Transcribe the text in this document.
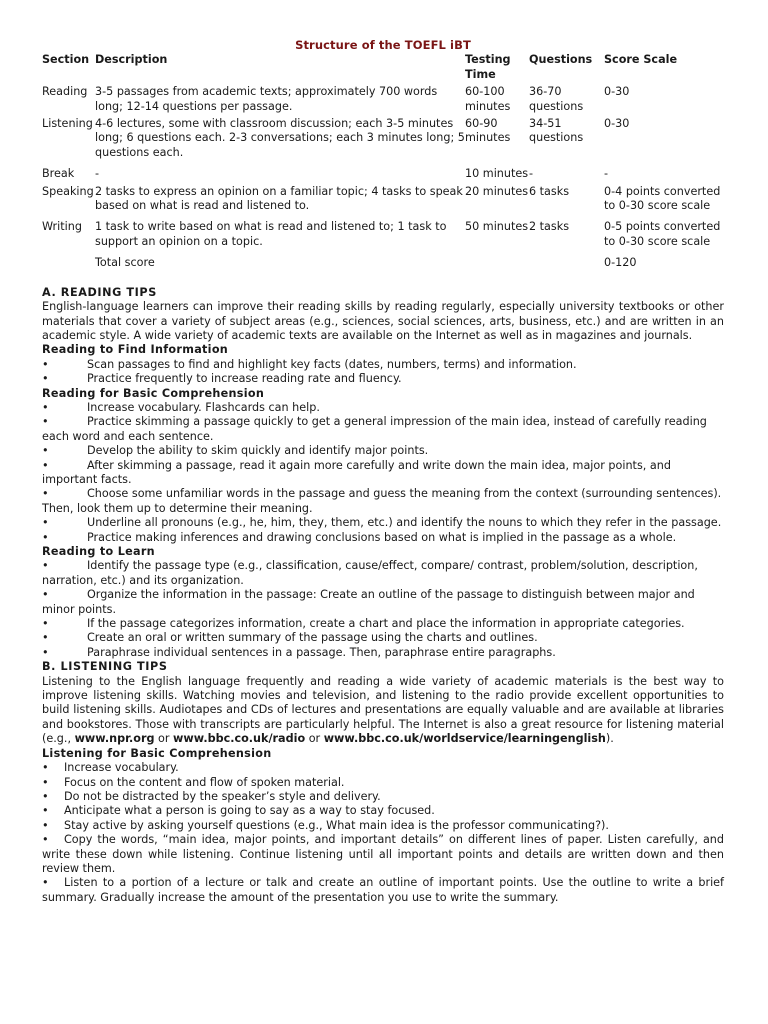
Structure of the TOEFL iBT
Section	Description	Testing Time	Questions	Score Scale
Reading	3-5 passages from academic texts; approximately 700 words long; 12-14 questions per passage.	60-100 minutes	36-70 questions	0-30
Listening	4-6 lectures, some with classroom discussion; each 3-5 minutes long; 6 questions each. 2-3 conversations; each 3 minutes long; 5 questions each.	60-90 minutes	34-51 questions	0-30
Break	-	10 minutes	-	-
Speaking	2 tasks to express an opinion on a familiar topic; 4 tasks to speak based on what is read and listened to.	20 minutes	6 tasks	0-4 points converted to 0-30 score scale
Writing	1 task to write based on what is read and listened to; 1 task to support an opinion on a topic.	50 minutes	2 tasks	0-5 points converted to 0-30 score scale
	Total score			0-120
A. READING TIPS

English-language learners can improve their reading skills by reading regularly, especially university textbooks or other materials that cover a variety of subject areas (e.g., sciences, social sciences, arts, business, etc.) and are written in an academic style. A wide variety of academic texts are available on the Internet as well as in magazines and journals.

Reading to Find Information
•	Scan passages to find and highlight key facts (dates, numbers, terms) and information.
•	Practice frequently to increase reading rate and fluency.
Reading for Basic Comprehension
•	Increase vocabulary. Flashcards can help.
•	Practice skimming a passage quickly to get a general impression of the main idea, instead of carefully reading each word and each sentence.
•	Develop the ability to skim quickly and identify major points.
•	After skimming a passage, read it again more carefully and write down the main idea, major points, and important facts.
•	Choose some unfamiliar words in the passage and guess the meaning from the context (surrounding sentences). Then, look them up to determine their meaning.
•	Underline all pronouns (e.g., he, him, they, them, etc.) and identify the nouns to which they refer in the passage.
•	Practice making inferences and drawing conclusions based on what is implied in the passage as a whole.
Reading to Learn
•	Identify the passage type (e.g., classification, cause/effect, compare/ contrast, problem/solution, description, narration, etc.) and its organization.
•	Organize the information in the passage: Create an outline of the passage to distinguish between major and minor points.
•	If the passage categorizes information, create a chart and place the information in appropriate categories.
•	Create an oral or written summary of the passage using the charts and outlines.
•	Paraphrase individual sentences in a passage. Then, paraphrase entire paragraphs.
B. LISTENING TIPS

Listening to the English language frequently and reading a wide variety of academic materials is the best way to improve listening skills. Watching movies and television, and listening to the radio provide excellent opportunities to build listening skills. Audiotapes and CDs of lectures and presentations are equally valuable and are available at libraries and bookstores. Those with transcripts are particularly helpful. The Internet is also a great resource for listening material (e.g., www.npr.org or www.bbc.co.uk/radio or www.bbc.co.uk/worldservice/learningenglish).

Listening for Basic Comprehension
• Increase vocabulary.
• Focus on the content and flow of spoken material.
• Do not be distracted by the speaker’s style and delivery.
• Anticipate what a person is going to say as a way to stay focused.
• Stay active by asking yourself questions (e.g., What main idea is the professor communicating?).
• Copy the words, “main idea, major points, and important details” on different lines of paper. Listen carefully, and write these down while listening. Continue listening until all important points and details are written down and then review them.
• Listen to a portion of a lecture or talk and create an outline of important points. Use the outline to write a brief summary. Gradually increase the amount of the presentation you use to write the summary.
